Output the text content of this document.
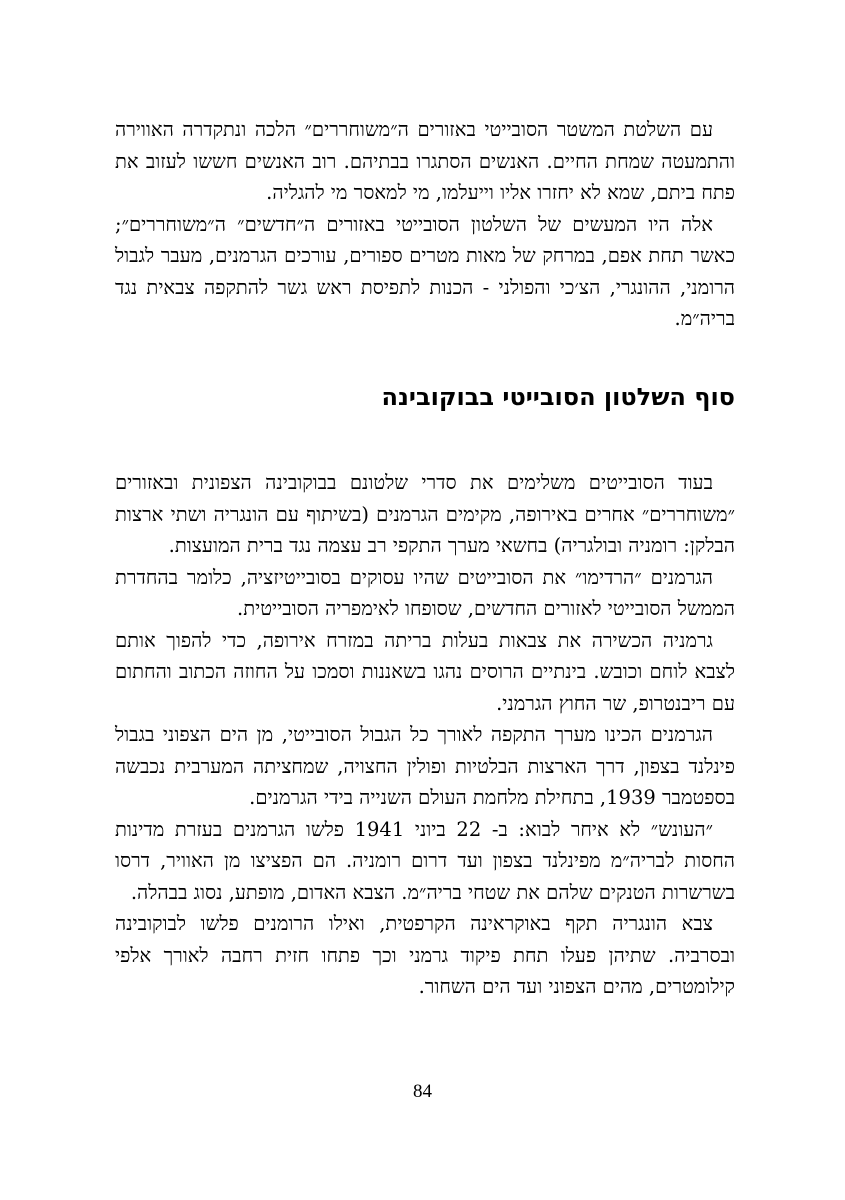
עם השלטת המשטר הסובייטי באזורים ה״משוחררים״ הלכה ונתקדרה האווירה והתמעטה שמחת החיים. האנשים הסתגרו בבתיהם. רוב האנשים חששו לעזוב את פתח ביתם, שמא לא יחזרו אליו וייעלמו, מי למאסר מי להגליה.

אלה היו המעשים של השלטון הסובייטי באזורים ה״חדשים״ ה״משוחררים״; כאשר תחת אפם, במרחק של מאות מטרים ספורים, עורכים הגרמנים, מעבר לגבול הרומני, ההונגרי, הצ׳כי והפולני - הכנות לתפיסת ראש גשר להתקפה צבאית נגד בריה״מ.

סוף השלטון הסובייטי בבוקובינה

בעוד הסובייטים משלימים את סדרי שלטונם בבוקובינה הצפונית ובאזורים ״משוחררים״ אחרים באירופה, מקימים הגרמנים (בשיתוף עם הונגריה ושתי ארצות הבלקן: רומניה ובולגריה) בחשאי מערך התקפי רב עצמה נגד ברית המועצות.

הגרמנים ״הרדימו״ את הסובייטים שהיו עסוקים בסובייטיזציה, כלומר בהחדרת הממשל הסובייטי לאזורים החדשים, שסופחו לאימפריה הסובייטית.

גרמניה הכשירה את צבאות בעלות בריתה במזרח אירופה, כדי להפוך אותם לצבא לוחם וכובש. בינתיים הרוסים נהגו בשאננות וסמכו על החוזה הכתוב והחתום עם ריבנטרופ, שר החוץ הגרמני.

הגרמנים הכינו מערך התקפה לאורך כל הגבול הסובייטי, מן הים הצפוני בגבול פינלנד בצפון, דרך הארצות הבלטיות ופולין החצויה, שמחציתה המערבית נכבשה בספטמבר 1939, בתחילת מלחמת העולם השנייה בידי הגרמנים.

״העונש״ לא איחר לבוא: ב- 22 ביוני 1941 פלשו הגרמנים בעזרת מדינות החסות לבריה״מ מפינלנד בצפון ועד דרום רומניה. הם הפציצו מן האוויר, דרסו בשרשרות הטנקים שלהם את שטחי בריה״מ. הצבא האדום, מופתע, נסוג בבהלה.

צבא הונגריה תקף באוקראינה הקרפטית, ואילו הרומנים פלשו לבוקובינה ובסרביה. שתיהן פעלו תחת פיקוד גרמני וכך פתחו חזית רחבה לאורך אלפי קילומטרים, מהים הצפוני ועד הים השחור.

84
